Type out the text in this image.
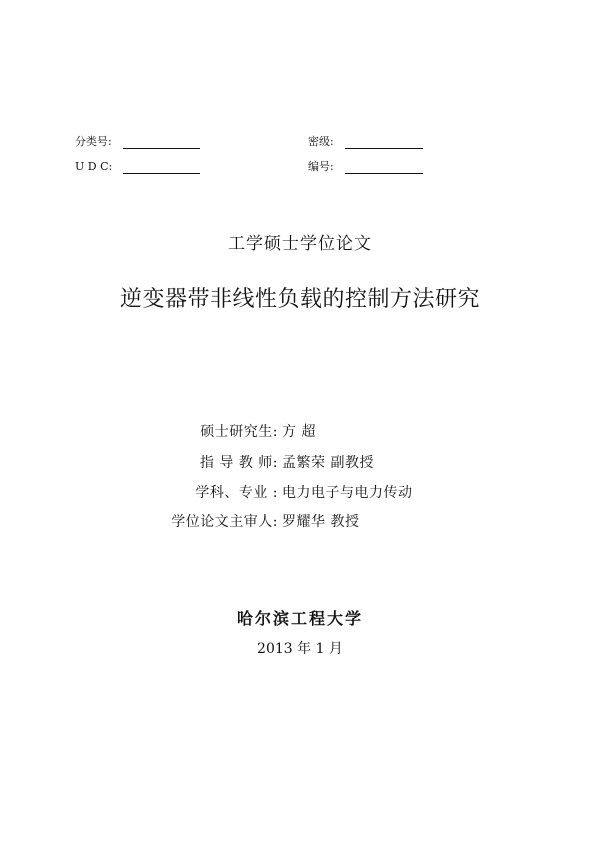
分类号:	密级:
U D C:	编号:
工学硕士学位论文
逆变器带非线性负载的控制方法研究
硕士研究生: 方 超
指 导 教 师: 孟繁荣 副教授
学科、专业 : 电力电子与电力传动
学位论文主审人: 罗耀华 教授
哈尔滨工程大学
2013 年 1 月
